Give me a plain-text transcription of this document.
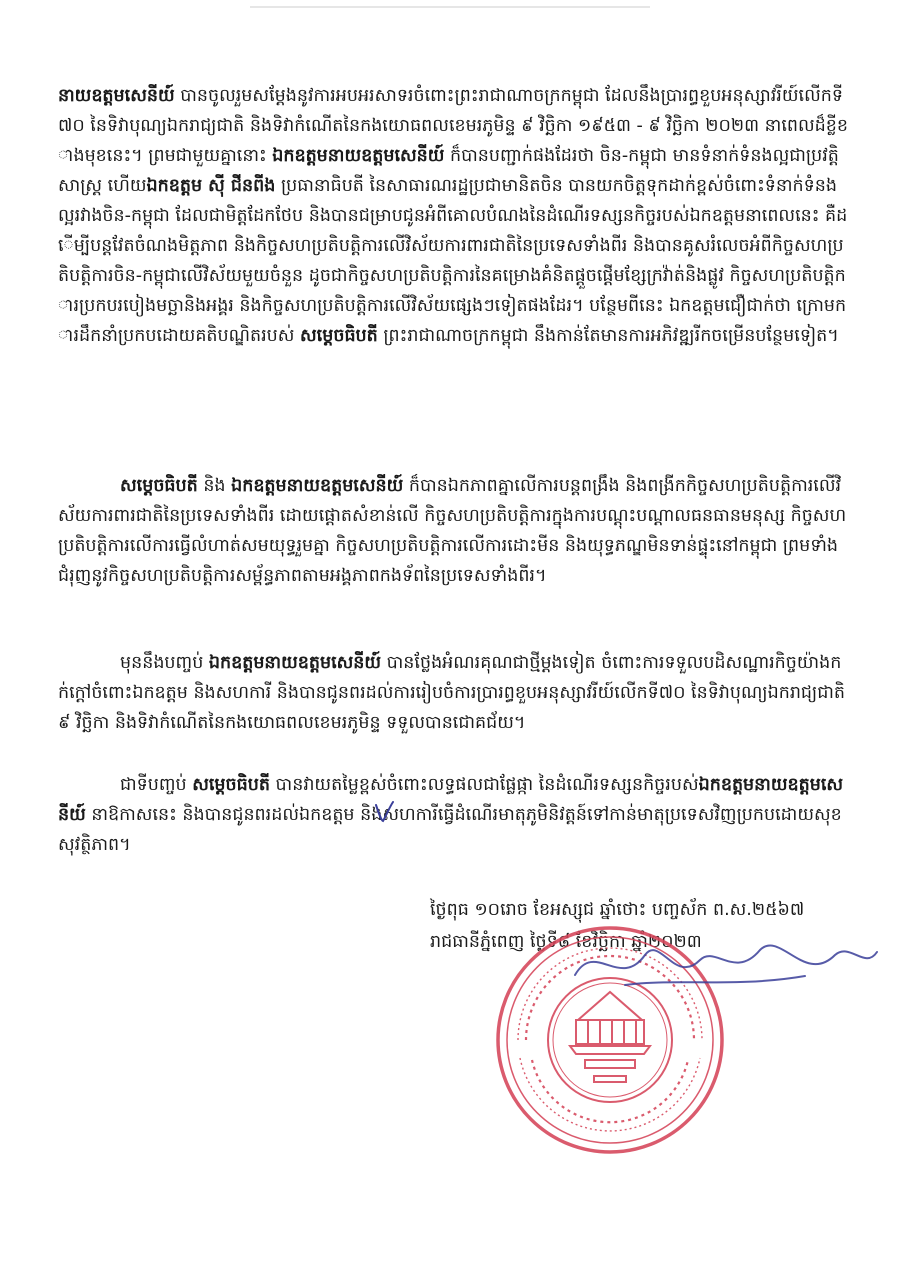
នាយឧត្ដមសេនីយ៍ បានចូលរួមសម្ដែងនូវការអបអរសាទរចំពោះព្រះរាជាណាចក្រកម្ពុជា ដែលនឹងប្រារព្ធខួបអនុស្សាវរីយ៍លើកទី៧០ នៃទិវាបុណ្យឯករាជ្យជាតិ និងទិវាកំណើតនៃកងយោធពលខេមរភូមិន្ទ ៩ វិច្ឆិកា ១៩៥៣ - ៩ វិច្ឆិកា ២០២៣ នាពេលដ៏ខ្លីខាងមុខនេះ។ ព្រមជាមួយគ្នានោះ ឯកឧត្ដមនាយឧត្ដមសេនីយ៍ ក៏បានបញ្ជាក់ផងដែរថា ចិន-កម្ពុជា មានទំនាក់ទំនងល្អជាប្រវត្តិសាស្ត្រ ហើយឯកឧត្ដម ស៊ី ជីនពីង ប្រធានាធិបតី នៃសាធារណរដ្ឋប្រជាមានិតចិន បានយកចិត្តទុកដាក់ខ្ពស់ចំពោះទំនាក់ទំនងល្អរវាងចិន-កម្ពុជា ដែលជាមិត្តដែកថែប និងបានជម្រាបជូនអំពីគោលបំណងនៃដំណើរទស្សនកិច្ចរបស់ឯកឧត្ដមនាពេលនេះ គឺដើម្បីបន្តវែតចំណងមិត្តភាព និងកិច្ចសហប្រតិបត្តិការលើវិស័យការពារជាតិនៃប្រទេសទាំងពីរ និងបានគូសរំលេចអំពីកិច្ចសហប្រតិបត្តិការចិន-កម្ពុជាលើវិស័យមួយចំនួន ដូចជាកិច្ចសហប្រតិបត្តិការនៃគម្រោងគំនិតផ្តួចផ្តើមខ្សែក្រវ៉ាត់និងផ្លូវ កិច្ចសហប្រតិបត្តិការប្រកបរបៀងមច្ឆានិងអង្គរ និងកិច្ចសហប្រតិបត្តិការលើវិស័យផ្សេងៗទៀតផងដែរ។ បន្ថែមពីនេះ ឯកឧត្ដមជឿជាក់ថា ក្រោមការដឹកនាំប្រកបដោយគតិបណ្ឌិតរបស់ សម្ដេចធិបតី ព្រះរាជាណាចក្រកម្ពុជា នឹងកាន់តែមានការអភិវឌ្ឍរីកចម្រើនបន្ថែមទៀត។

សម្ដេចធិបតី និង ឯកឧត្ដមនាយឧត្ដមសេនីយ៍ ក៏បានឯកភាពគ្នាលើការបន្តពង្រឹង និងពង្រីកកិច្ចសហប្រតិបត្តិការលើវិស័យការពារជាតិនៃប្រទេសទាំងពីរ ដោយផ្ដោតសំខាន់លើ កិច្ចសហប្រតិបត្តិការក្នុងការបណ្តុះបណ្តាលធនធានមនុស្ស កិច្ចសហប្រតិបត្តិការលើការធ្វើលំហាត់សមយុទ្ធរួមគ្នា កិច្ចសហប្រតិបត្តិការលើការដោះមីន និងយុទ្ធភណ្ឌមិនទាន់ផ្ទុះនៅកម្ពុជា ព្រមទាំងជំរុញនូវកិច្ចសហប្រតិបត្តិការសម្ព័ន្ធភាពតាមអង្គភាពកងទ័ពនៃប្រទេសទាំងពីរ។

មុននឹងបញ្ចប់ ឯកឧត្ដមនាយឧត្ដមសេនីយ៍ បានថ្លែងអំណរគុណជាថ្មីម្តងទៀត ចំពោះការទទួលបដិសណ្ឋារកិច្ចយ៉ាងកក់ក្តៅចំពោះឯកឧត្ដម និងសហការី និងបានជូនពរដល់ការរៀបចំការប្រារព្ធខួបអនុស្សាវរីយ៍លើកទី៧០ នៃទិវាបុណ្យឯករាជ្យជាតិ ៩ វិច្ឆិកា និងទិវាកំណើតនៃកងយោធពលខេមរភូមិន្ទ ទទួលបានជោគជ័យ។

ជាទីបញ្ចប់ សម្ដេចធិបតី បានវាយតម្លៃខ្ពស់ចំពោះលទ្ធផលជាផ្លែផ្កា នៃដំណើរទស្សនកិច្ចរបស់ឯកឧត្ដមនាយឧត្ដមសេនីយ៍ នាឱកាសនេះ និងបានជូនពរដល់ឯកឧត្ដម និងសហការីធ្វើដំណើរមាតុភូមិនិវត្តន៍ទៅកាន់មាតុប្រទេសវិញប្រកបដោយសុខសុវត្ថិភាព។

ថ្ងៃពុធ ១០រោច ខែអស្សុជ ឆ្នាំថោះ បញ្ចស័ក ព.ស.២៥៦៧
រាជធានីភ្នំពេញ ថ្ងៃទី៨ ខែវិច្ឆិកា ឆ្នាំ២០២៣
